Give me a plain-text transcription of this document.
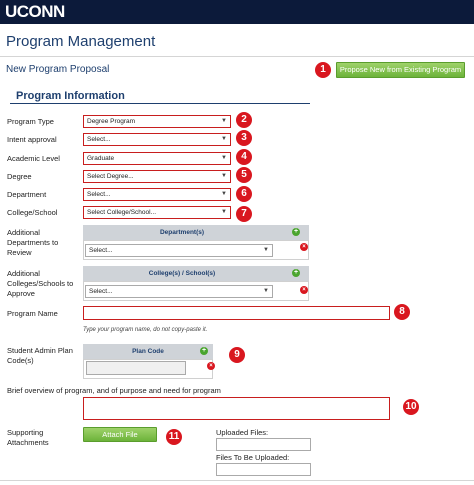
UCONN
Program Management
New Program Proposal	Propose New from Existing Program
1
Program Information
Program Type	Degree Program	▼	2
Intent approval	Select...	▼	3
Academic Level	Graduate	▼	4
Degree	Select Degree...	▼	5
Department	Select...	▼	6
College/School	Select College/School...	▼	7
Additional
Departments to
Review
Department(s)	+
Select...	▼	×
Additional
Colleges/Schools to
Approve
College(s) / School(s)	+
Select...	▼	×
Program Name	8
Type your program name, do not copy-paste it.
Student Admin Plan
Code(s)
Plan Code	+
×
9
Brief overview of program, and of purpose and need for program
10
Supporting
Attachments
Attach File	11	Uploaded Files:
Files To Be Uploaded:
